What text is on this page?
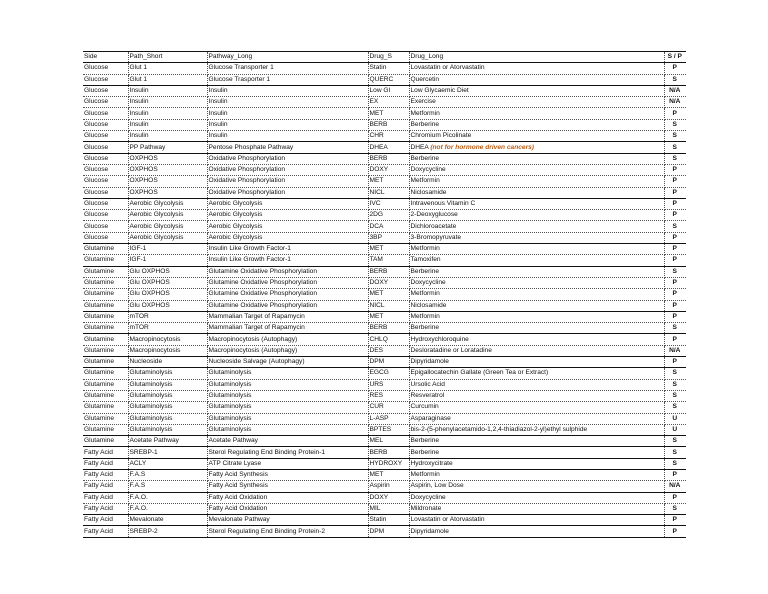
Side	Path_Short	Pathway_Long	Drug_S	Drug_Long	S / P
Glucose	Glut 1	Glucose Transporter 1	Statin	Lovastatin or Atorvastatin	P
Glucose	Glut 1	Glucose Trasporter 1	QUERC	Quercetin	S
Glucose	Insulin	Insulin	Low GI	Low Glycaemic Diet	N/A
Glucose	Insulin	Insulin	EX	Exercise	N/A
Glucose	Insulin	Insulin	MET	Metformin	P
Glucose	Insulin	Insulin	BERB	Berberine	S
Glucose	Insulin	Insulin	CHR	Chromium Picolinate	S
Glucose	PP Pathway	Pentose Phosphate Pathway	DHEA	DHEA (not for hormone driven cancers)	S
Glucose	OXPHOS	Oxidative Phosphorylation	BERB	Berberine	S
Glucose	OXPHOS	Oxidative Phosphorylation	DOXY	Doxycycline	P
Glucose	OXPHOS	Oxidative Phosphorylation	MET	Metformin	P
Glucose	OXPHOS	Oxidative Phosphorylation	NICL	Niclosamide	P
Glucose	Aerobic Glycolysis	Aerobic Glycolysis	IVC	Intravenous Vitamin C	P
Glucose	Aerobic Glycolysis	Aerobic Glycolysis	2DG	2-Deoxyglucose	P
Glucose	Aerobic Glycolysis	Aerobic Glycolysis	DCA	Dichloroacetate	S
Glucose	Aerobic Glycolysis	Aerobic Glycolysis	3BP	3-Bromopyruvate	P
Glutamine	IGF-1	Insulin Like Growth Factor-1	MET	Metformin	P
Glutamine	IGF-1	Insulin Like Growth Factor-1	TAM	Tamoxifen	P
Glutamine	Glu OXPHOS	Glutamine Oxidative Phosphorylation	BERB	Berberine	S
Glutamine	Glu OXPHOS	Glutamine Oxidative Phosphorylation	DOXY	Doxycycline	P
Glutamine	Glu OXPHOS	Glutamine Oxidative Phosphorylation	MET	Metformin	P
Glutamine	Glu OXPHOS	Glutamine Oxidative Phosphorylation	NICL	Niclosamide	P
Glutamine	mTOR	Mammalian Target of Rapamycin	MET	Metformin	P
Glutamine	mTOR	Mammalian Target of Rapamycin	BERB	Berberine	S
Glutamine	Macropinocytosis	Macropinocytosis (Autophagy)	CHLQ	Hydroxychloroquine	P
Glutamine	Macropinocytosis	Macropinocytosis (Autophagy)	DES	Desloratadine or Loratadine	N/A
Glutamine	Nucleoside	Nucleoside Salvage (Autophagy)	DPM	Dipyridamole	P
Glutamine	Glutaminolysis	Glutaminolysis	EGCG	Epigallocatechin Gallate (Green Tea or Extract)	S
Glutamine	Glutaminolysis	Glutaminolysis	URS	Ursolic Acid	S
Glutamine	Glutaminolysis	Glutaminolysis	RES	Resveratrol	S
Glutamine	Glutaminolysis	Glutaminolysis	CUR	Curcumin	S
Glutamine	Glutaminolysis	Glutaminolysis	L-ASP	Asparaginase	U
Glutamine	Glutaminolysis	Glutaminolysis	BPTES	bis-2-(5-phenylacetamido-1,2,4-thiadiazol-2-yl)ethyl sulphide	U
Glutamine	Acetate Pathway	Acetate Pathway	MEL	Berberine	S
Fatty Acid	SREBP-1	Sterol Regulating End Binding Protein-1	BERB	Berberine	S
Fatty Acid	ACLY	ATP Citrate Lyase	HYDROXY	Hydroxycitrate	S
Fatty Acid	F.A.S	Fatty Acid Synthesis	MET	Metformin	P
Fatty Acid	F.A.S	Fatty Acid Synthesis	Aspirin	Aspirin, Low Dose	N/A
Fatty Acid	F.A.O.	Fatty Acid Oxidation	DOXY	Doxycycline	P
Fatty Acid	F.A.O.	Fatty Acid Oxidation	MIL	Mildronate	S
Fatty Acid	Mevalonate	Mevalonate Pathway	Statin	Lovastatin or Atorvastatin	P
Fatty Acid	SREBP-2	Sterol Regulating End Binding Protein-2	DPM	Dipyridamole	P
